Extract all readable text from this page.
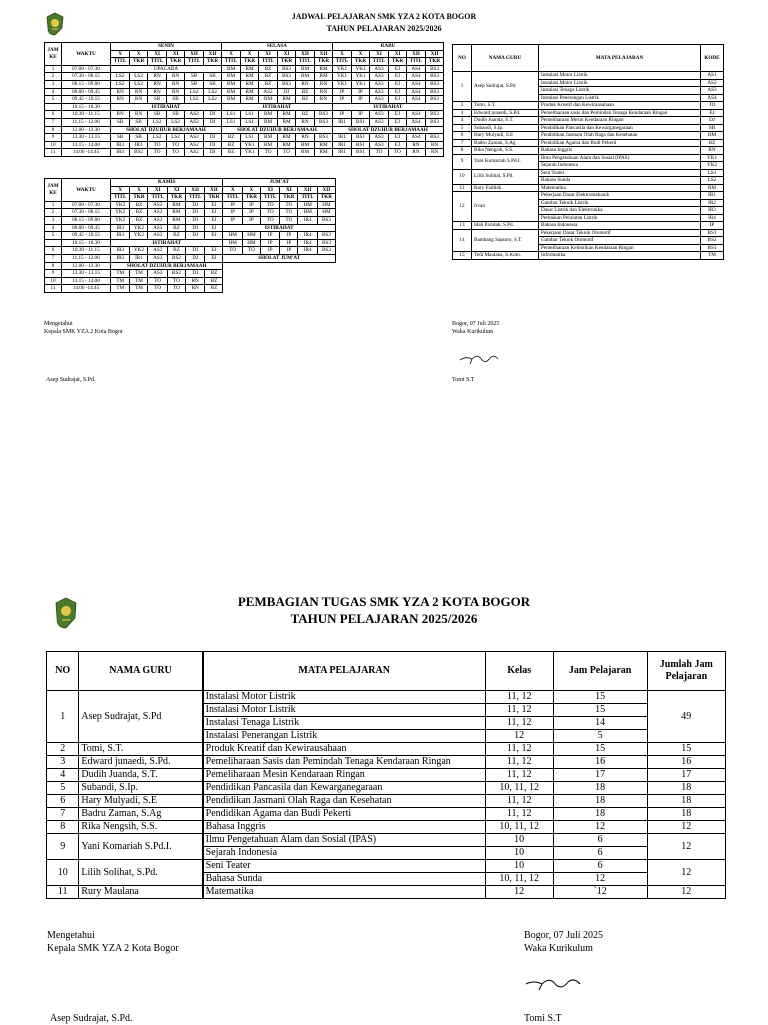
JADWAL PELAJARAN SMK YZA 2 KOTA BOGOR
TAHUN PELAJARAN 2025/2026
JAM KE	WAKTU	SENIN						SELASA						RABU					
		X	X	XI	XI	XII	XII	X	X	XI	XI	XII	XII	X	X	XI	XI	XII	XII
		TITL	TKR	TITL	TKR	TITL	TKR	TITL	TKR	TITL	TKR	TITL	TKR	TITL	TKR	TITL	TKR	TITL	TKR
1	07.00 - 07.30	UPACARA						RM	RM	BZ	BS3	RM	RM	YK1	YK1	AS3	EJ	AS4	BS3
2	07.30 - 08.15	LS2	LS2	RN	RN	SB	SB	RM	RM	BZ	BS3	RM	RM	YK1	YK1	AS3	EJ	AS4	BS3
3	08.15 - 09.00	LS2	LS2	RN	RN	SB	SB	RM	RM	BZ	BS3	RN	RN	YK1	YK1	AS3	EJ	AS4	BS3
4	09.00 - 09.45	RN	RN	RN	RN	LS2	LS2	RM	RM	AS2	DJ	BZ	RN	IP	IP	AS3	EJ	AS4	BS3
5	09.45 - 10.15	RN	RN	SB	SB	LS2	LS2	RM	RM	RM	RM	BZ	RN	IP	IP	AS3	EJ	AS4	BS3
	10.15 - 10.30	ISTIRAHAT						ISTIRAHAT						ISTIRAHAT					
6	10.30 - 11.15	RN	RN	SB	SB	AS2	DJ	LS1	LS1	RM	RM	BZ	BS3	IP	IP	AS3	EJ	AS4	BS3
7	11.15 - 12.00	SB	SB	LS2	LS2	AS2	DJ	LS1	LS1	RM	RM	RN	BS3	IR1	BS1	AS3	EJ	AS4	BS3
8	12.00 - 12.30	SHOLAT DZUHUR BERJAMAAH						SHOLAT DZUHUR BERJAMAAH						SHOLAT DZUHUR BERJAMAAH					
9	12.30 - 13.15	SB	SB	LS2	LS2	AS2	DJ	BZ	LS1	RM	RM	RN	BS3	IR1	BS1	AS3	EJ	AS4	BS3
10	13.15 - 14.00	IR3	IR3	TO	TO	AS2	DJ	BZ	YK1	RM	RM	RM	RM	IR1	BS1	AS3	EJ	RN	RN
11	14.00 -14.45	IR3	BS2	TO	TO	AS2	DJ	BZ	YK1	TO	TO	RM	RM	IR1	BS1	TO	TO	RN	RN
JAM KE	WAKTU	KAMIS						JUM'AT					
		X	X	XI	XI	XII	XII	X	X	XI	XI	XII	XII
		TITL	TKR	TITL	TKR	TITL	TKR	TITL	TKR	TITL	TKR	TITL	TKR
1	07.00 - 07.30	YK2	BZ	AS3	RM	DJ	EJ	IP	IP	TO	TO	HM	HM
2	07.30 - 08.15	YK2	BZ	AS3	RM	DJ	EJ	IP	IP	TO	TO	HM	HM
3	08.15 - 09.00	YK2	BZ	AS3	RM	DJ	EJ	IP	IP	TO	TO	IR4	BS3
4	09.00 - 09.45	IR3	YK2	AS3	BZ	DJ	EJ	ISTIRAHAT					
5	09.45 - 10.15	IR3	YK2	AS3	BZ	DJ	EJ	HM	HM	IP	IP	IR4	BS3
	10.15 - 10.30	ISTIRAHAT						HM	HM	IP	IP	IR4	BS3
6	10.30 - 11.15	IR3	YK2	AS3	BZ	DJ	EJ	TO	TO	IP	IP	IR4	BS3
7	11.15 - 12.00	IR3	IR1	AS3	BS2	DJ	EJ	SHOLAT JUM'AT					
8	12.00 - 12.30	SHOLAT DZUHUR BERJAMAAH											
9	12.30 - 13.15	TM	TM	AS3	BS2	DJ	BZ						
10	13.15 - 14.00	TM	TM	TO	TO	RN	BZ						
11	14.00 -14.45	TM	TM	TO	TO	RN	BZ						
NO	NAMA GURU	MATA PELAJARAN	KODE
1	Asep Sudrajat, S.Pd	Instalasi Motor Listrik	AS1
		Instalasi Motor Listrik	AS2
		Instalasi Tenaga Listrik	AS3
		Instalasi Penerangan Listrik	AS4
2	Tomi, S.T.	Produk Kreatif dan Kewirausahaan	TO
3	Edward junaedi, S.Pd.	Pemeliharaan sasis dan Pemindah Tenaga Kendaraan Ringan	EJ
4	Dudih Juanda, S.T.	Pemeliharaan Mesin Kendaraan Ringan	DJ
5	Subandi, S.Ip.	Pendidikan Pancasila dan Kewarganegaraan	SB
6	Hary Mulyadi, S.E	Pendidikan Jasmani Olah Raga dan Kesehatan	HM
7	Badru Zaman, S.Ag	Pendidikan Agama dan Budi Pekerti	BZ
8	Rika Nengsih, S.S.	Bahasa Inggris	RN
9	Yani Komariah S.Pd.I.	Ilmu Pengetahuan Alam dan Sosial (IPAS)	YK1
		Sejarah Indonesia	YK2
10	Lilih Solihat, S.Pd.	Seni Teater	LS1
		Bahasa Sunda	LS2
11	Rury Fadilah	Matematika	RM
12	Irvan	Pekerjaan Dasar Elektromekanik	IR1
		Gambar Teknik Listrik	IR2
		Dasar Listrik dan Elektronika	IR3
		Perbaikan Peralatan Listrik	IR4
13	Idah Paridah, S.Pd.	Bahasa Indonesia	IP
14	Bambang Saputro, S.T.	Pekerjaan Dasar Teknik Otomotif	BS1
		Gambar Teknik Otomotif	BS2
		Pemeliharaan Kelistrikan Kendaraan Ringan	BS3
15	Tedi Maulana, S.Kom.	Informatika	TM
Mengetahui
Kepala SMK YZA 2 Kota Bogor
Asep Sudrajat, S.Pd.
Bogor, 07 Juli 2025
Waka Kurikulum
Tomi S.T
PEMBAGIAN TUGAS SMK YZA 2 KOTA BOGOR
TAHUN PELAJARAN 2025/2026
NO	NAMA GURU	MATA PELAJARAN	Kelas	Jam Pelajaran	Jumlah Jam Pelajaran
1	Asep Sudrajat, S.Pd	Instalasi Motor Listrik	11, 12	15	49
		Instalasi Motor Listrik	11, 12	15	
		Instalasi Tenaga Listrik	11, 12	14	
		Instalasi Penerangan Listrik	12	5	
2	Tomi, S.T.	Produk Kreatif dan Kewirausahaan	11, 12	15	15
3	Edward junaedi, S.Pd.	Pemeliharaan Sasis dan Pemindah Tenaga Kendaraan Ringan	11, 12	16	16
4	Dudih Juanda, S.T.	Pemeliharaan Mesin Kendaraan Ringan	11, 12	17	17
5	Subandi, S.Ip.	Pendidikan Pancasila dan Kewarganegaraan	10, 11, 12	18	18
6	Hary Mulyadi, S.E	Pendidikan Jasmani Olah Raga dan Kesehatan	11, 12	18	18
7	Badru Zaman, S.Ag	Pendidikan Agama dan Budi Pekerti	11, 12	18	18
8	Rika Nengsih, S.S.	Bahasa Inggris	10, 11, 12	12	12
9	Yani Komariah S.Pd.I.	Ilmu Pengetahuan Alam dan Sosial (IPAS)	10	6	12
		Sejarah Indonesia	10	6	
10	Lilih Solihat, S.Pd.	Seni Teater	10	6	12
		Bahasa Sunda	10, 11, 12	12	
11	Rury Maulana	Matematika	12	`12	12
Mengetahui
Kepala SMK YZA 2 Kota Bogor
Asep Sudrajat, S.Pd.
Bogor, 07 Juli 2025
Waka Kurikulum
Tomi S.T
